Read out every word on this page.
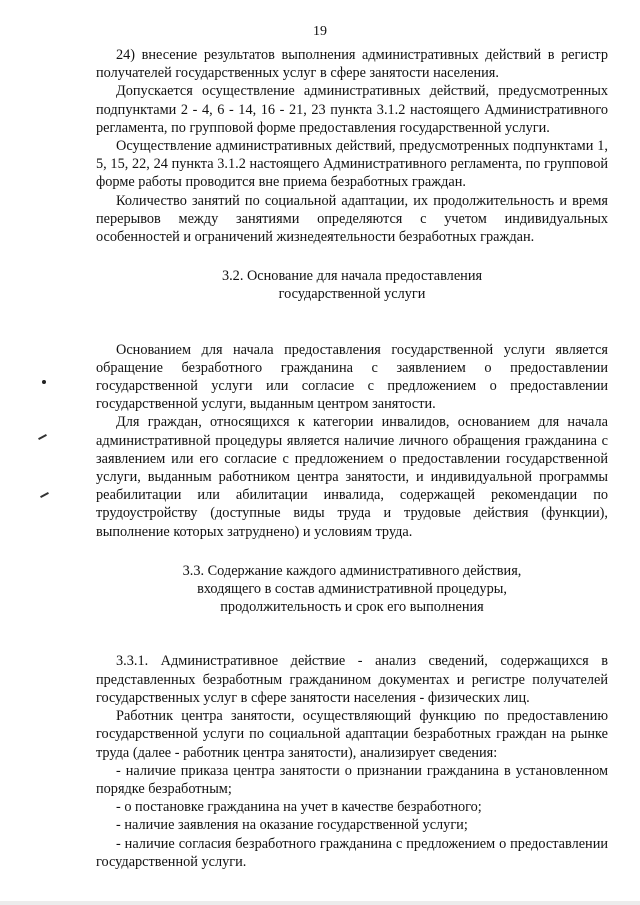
19

24) внесение результатов выполнения административных действий в регистр получателей государственных услуг в сфере занятости населения.

Допускается осуществление административных действий, предусмотренных подпунктами 2 - 4, 6 - 14, 16 - 21, 23 пункта 3.1.2 настоящего Административного регламента, по групповой форме предоставления государственной услуги.

Осуществление административных действий, предусмотренных подпунктами 1, 5, 15, 22, 24 пункта 3.1.2 настоящего Административного регламента, по групповой форме работы проводится вне приема безработных граждан.

Количество занятий по социальной адаптации, их продолжительность и время перерывов между занятиями определяются с учетом индивидуальных особенностей и ограничений жизнедеятельности безработных граждан.

3.2. Основание для начала предоставления
государственной услуги

Основанием для начала предоставления государственной услуги является обращение безработного гражданина с заявлением о предоставлении государственной услуги или согласие с предложением о предоставлении государственной услуги, выданным центром занятости.

Для граждан, относящихся к категории инвалидов, основанием для начала административной процедуры является наличие личного обращения гражданина с заявлением или его согласие с предложением о предоставлении государственной услуги, выданным работником центра занятости, и индивидуальной программы реабилитации или абилитации инвалида, содержащей рекомендации по трудоустройству (доступные виды труда и трудовые действия (функции), выполнение которых затруднено) и условиям труда.

3.3. Содержание каждого административного действия,
входящего в состав административной процедуры,
продолжительность и срок его выполнения

3.3.1. Административное действие - анализ сведений, содержащихся в представленных безработным гражданином документах и регистре получателей государственных услуг в сфере занятости населения - физических лиц.

Работник центра занятости, осуществляющий функцию по предоставлению государственной услуги по социальной адаптации безработных граждан на рынке труда (далее - работник центра занятости), анализирует сведения:

- наличие приказа центра занятости о признании гражданина в установленном порядке безработным;

- о постановке гражданина на учет в качестве безработного;

- наличие заявления на оказание государственной услуги;

- наличие согласия безработного гражданина с предложением о предоставлении государственной услуги.
